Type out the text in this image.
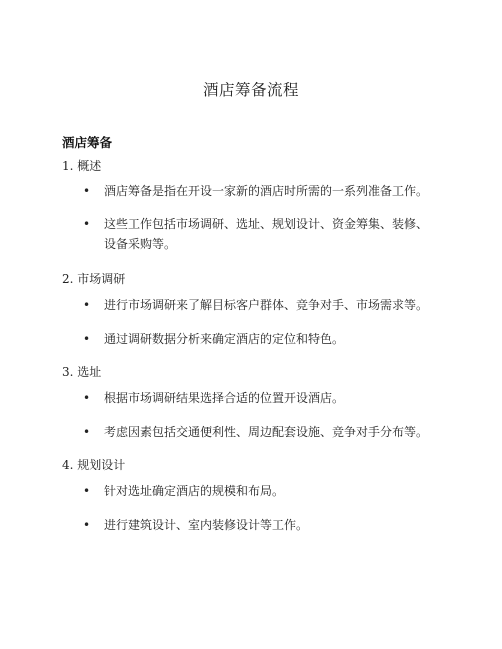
酒店筹备流程
酒店筹备
1. 概述
• 酒店筹备是指在开设一家新的酒店时所需的一系列准备工作。
• 这些工作包括市场调研、选址、规划设计、资金筹集、装修、设备采购等。
2. 市场调研
• 进行市场调研来了解目标客户群体、竞争对手、市场需求等。
• 通过调研数据分析来确定酒店的定位和特色。
3. 选址
• 根据市场调研结果选择合适的位置开设酒店。
• 考虑因素包括交通便利性、周边配套设施、竞争对手分布等。
4. 规划设计
• 针对选址确定酒店的规模和布局。
• 进行建筑设计、室内装修设计等工作。
